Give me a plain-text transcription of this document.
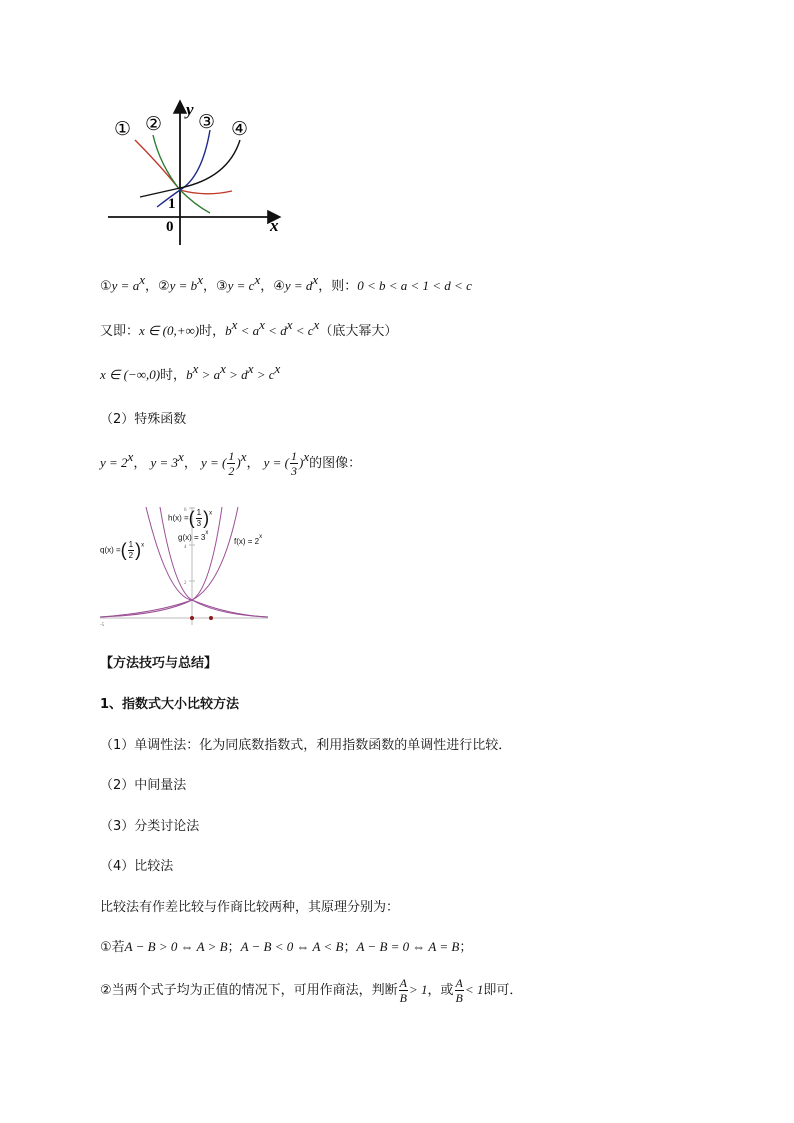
① ② ③ ④
y
x
1
0
①y = $a^x$，②y = $b^x$，③y = $c^x$，④y = $d^x$，则：0 < b < a < 1 < d < c
又即：x ∈ (0,+∞)时，$b^x < a^x < d^x < c^x$（底大幂大）
x ∈ (−∞,0)时，$b^x > a^x > d^x > c^x$
（2）特殊函数
$y = 2^x$， $y = 3^x$， y = ( $\frac{1}{2} )^x$， y = ( $\frac{1}{3} )^x$的图像：
6
4
2
-5
h(x) =( $\frac{1}{3} )^x$
$g(x) = 3^x$
$f(x) = 2^x$
q(x) =( $\frac{1}{2} )^x$
【方法技巧与总结】
1、指数式大小比较方法
（1）单调性法：化为同底数指数式，利用指数函数的单调性进行比较．
（2）中间量法
（3）分类讨论法
（4）比较法
比较法有作差比较与作商比较两种，其原理分别为：
①若A − B > 0 ⇔ A > B；A − B < 0 ⇔ A < B；A − B = 0 ⇔ A = B；
②当两个式子均为正值的情况下，可用作商法，判断 $\frac{A}{B} > 1$，或 $\frac{A}{B} < 1$即可．
